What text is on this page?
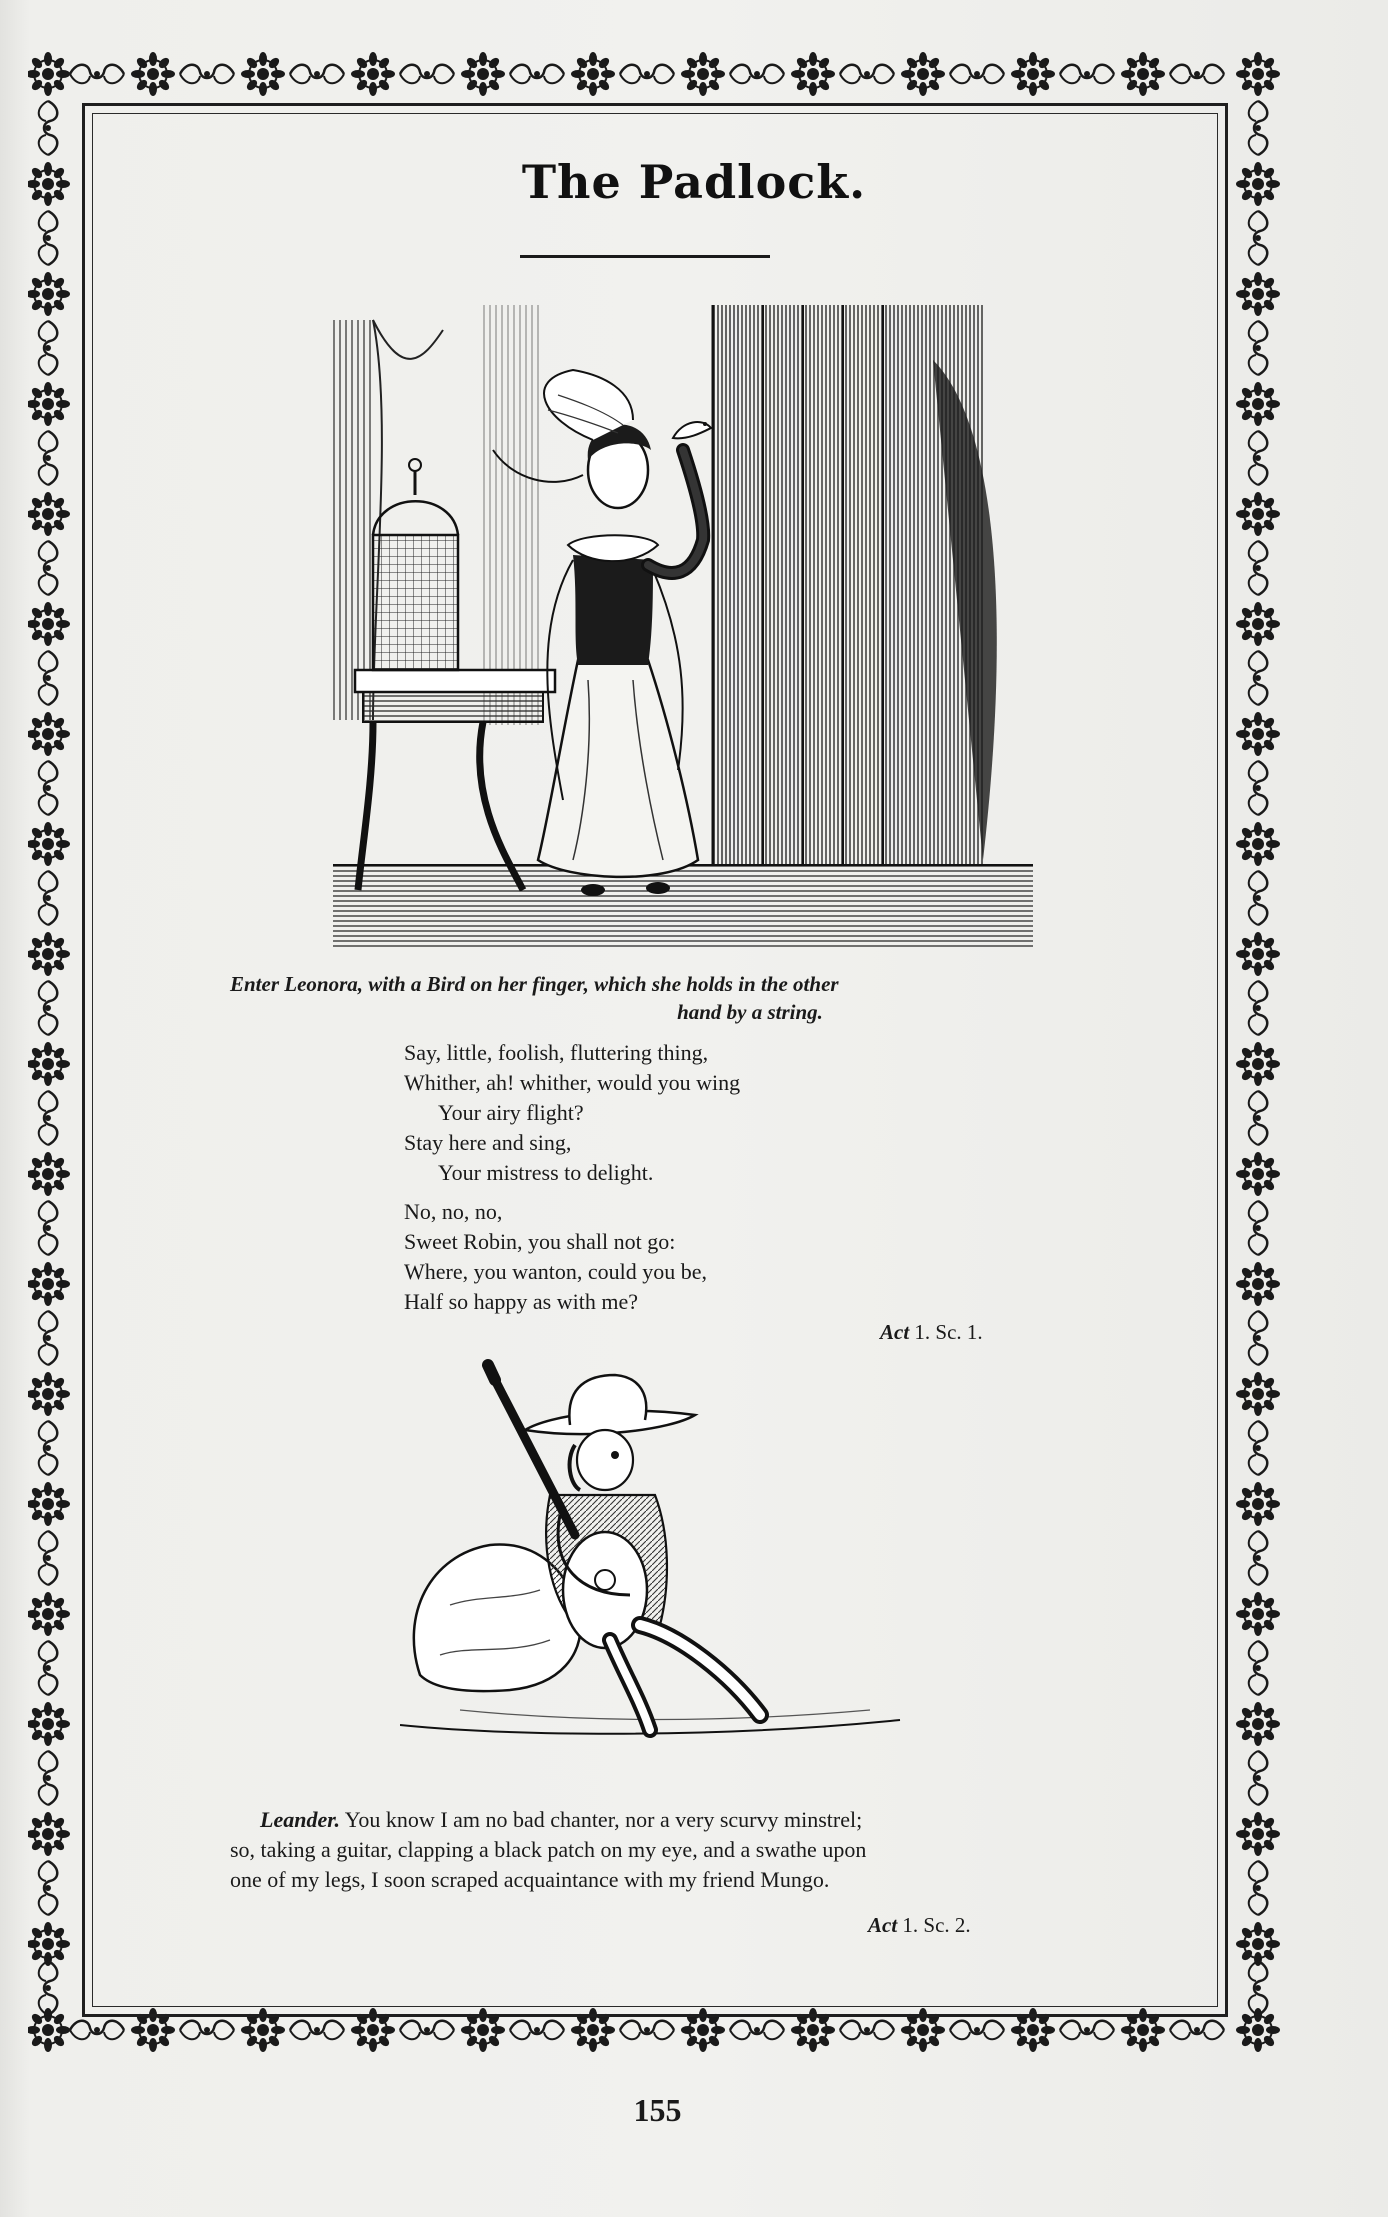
The Padlock.
Enter Leonora, with a Bird on her finger, which she holds in the other
hand by a string.
Say, little, foolish, fluttering thing,
Whither, ah! whither, would you wing
Your airy flight?
Stay here and sing,
Your mistress to delight.
No, no, no,
Sweet Robin, you shall not go:
Where, you wanton, could you be,
Half so happy as with me?
Act 1. Sc. 1.
Leander. You know I am no bad chanter, nor a very scurvy minstrel;
so, taking a guitar, clapping a black patch on my eye, and a swathe upon
one of my legs, I soon scraped acquaintance with my friend Mungo.
Act 1. Sc. 2.
155
